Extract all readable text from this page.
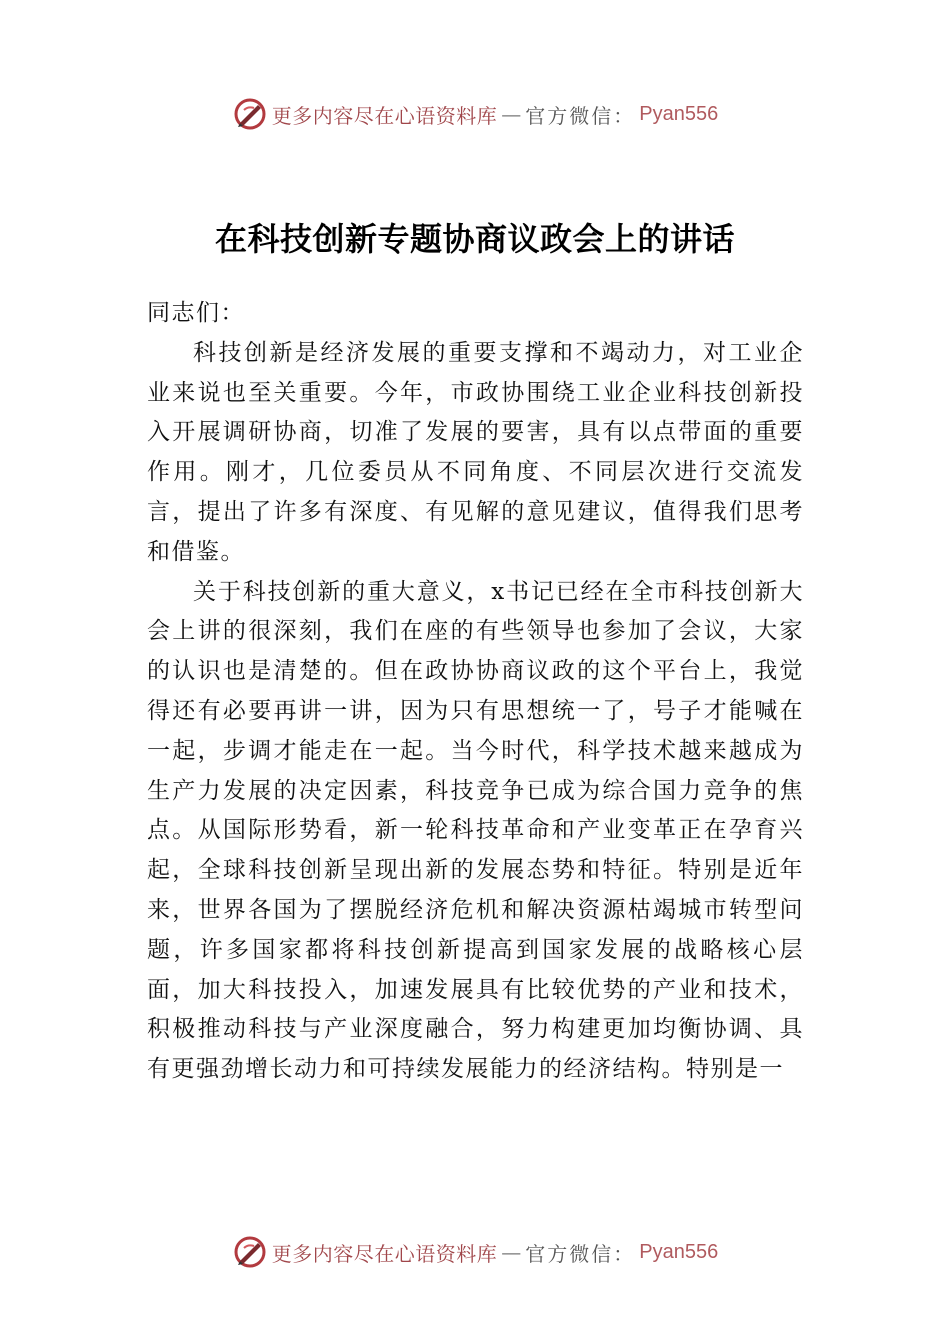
更多内容尽在心语资料库 — 官方微信： Pyan556
在科技创新专题协商议政会上的讲话

同志们：

科技创新是经济发展的重要支撑和不竭动力，对工业企业来说也至关重要。今年，市政协围绕工业企业科技创新投入开展调研协商，切准了发展的要害，具有以点带面的重要作用。刚才，几位委员从不同角度、不同层次进行交流发言，提出了许多有深度、有见解的意见建议，值得我们思考和借鉴。

关于科技创新的重大意义，x书记已经在全市科技创新大会上讲的很深刻，我们在座的有些领导也参加了会议，大家的认识也是清楚的。但在政协协商议政的这个平台上，我觉得还有必要再讲一讲，因为只有思想统一了，号子才能喊在一起，步调才能走在一起。当今时代，科学技术越来越成为生产力发展的决定因素，科技竞争已成为综合国力竞争的焦点。从国际形势看，新一轮科技革命和产业变革正在孕育兴起，全球科技创新呈现出新的发展态势和特征。特别是近年来，世界各国为了摆脱经济危机和解决资源枯竭城市转型问题，许多国家都将科技创新提高到国家发展的战略核心层面，加大科技投入，加速发展具有比较优势的产业和技术，积极推动科技与产业深度融合，努力构建更加均衡协调、具有更强劲增长动力和可持续发展能力的经济结构。特别是一

更多内容尽在心语资料库 — 官方微信： Pyan556
